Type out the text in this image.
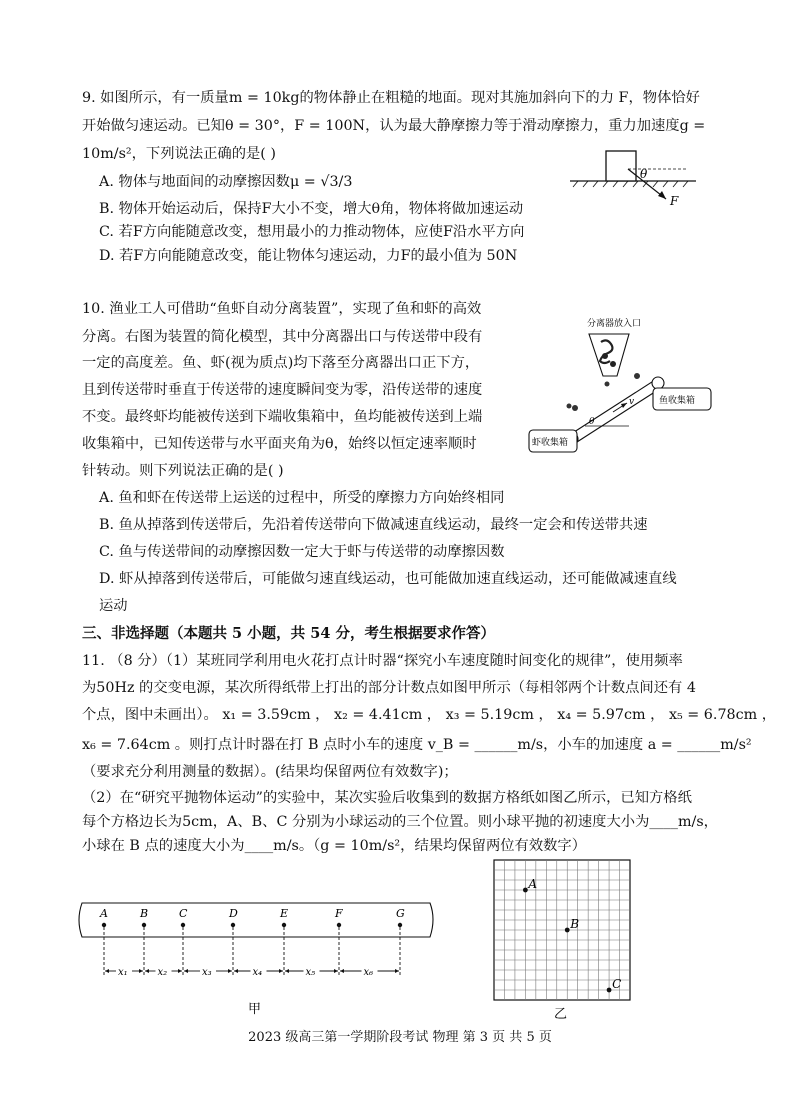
9. 如图所示，有一质量m = 10kg的物体静止在粗糙的地面。现对其施加斜向下的力 F，物体恰好
开始做匀速运动。已知θ = 30°，F = 100N，认为最大静摩擦力等于滑动摩擦力，重力加速度g =
10m/s²，下列说法正确的是( )
A. 物体与地面间的动摩擦因数μ = √3/3
B. 物体开始运动后，保持F大小不变，增大θ角，物体将做加速运动
C. 若F方向能随意改变，想用最小的力推动物体，应使F沿水平方向
D. 若F方向能随意改变，能让物体匀速运动，力F的最小值为 50N
θ
F
10. 渔业工人可借助“鱼虾自动分离装置”，实现了鱼和虾的高效
分离。右图为装置的简化模型，其中分离器出口与传送带中段有
一定的高度差。鱼、虾(视为质点)均下落至分离器出口正下方，
且到传送带时垂直于传送带的速度瞬间变为零，沿传送带的速度
不变。最终虾均能被传送到下端收集箱中，鱼均能被传送到上端
收集箱中，已知传送带与水平面夹角为θ，始终以恒定速率顺时
针转动。则下列说法正确的是( )
A. 鱼和虾在传送带上运送的过程中，所受的摩擦力方向始终相同
B. 鱼从掉落到传送带后，先沿着传送带向下做减速直线运动，最终一定会和传送带共速
C. 鱼与传送带间的动摩擦因数一定大于虾与传送带的动摩擦因数
D. 虾从掉落到传送带后，可能做匀速直线运动，也可能做加速直线运动，还可能做减速直线
运动
分离器放入口
v
θ
鱼收集箱
虾收集箱
三、非选择题（本题共 5 小题，共 54 分，考生根据要求作答）
11. （8 分）（1）某班同学利用电火花打点计时器“探究小车速度随时间变化的规律”，使用频率
为50Hz 的交变电源，某次所得纸带上打出的部分计数点如图甲所示（每相邻两个计数点间还有 4
个点，图中未画出）。 x₁ = 3.59cm ， x₂ = 4.41cm ， x₃ = 5.19cm ， x₄ = 5.97cm ， x₅ = 6.78cm ，
x₆ = 7.64cm 。则打点计时器在打 B 点时小车的速度 v_B = ______m/s，小车的加速度 a = ______m/s²
（要求充分利用测量的数据）。(结果均保留两位有效数字)；
（2）在“研究平抛物体运动”的实验中，某次实验后收集到的数据方格纸如图乙所示，已知方格纸
每个方格边长为5cm，A、B、C 分别为小球运动的三个位置。则小球平抛的初速度大小为____m/s，
小球在 B 点的速度大小为____m/s。（g = 10m/s²，结果均保留两位有效数字）
A	B	C	D	E	F	G
x₁	x₂	x₃	x₄	x₅	x₆
甲
A
B
C
乙
2023 级高三第一学期阶段考试 物理 第 3 页 共 5 页
